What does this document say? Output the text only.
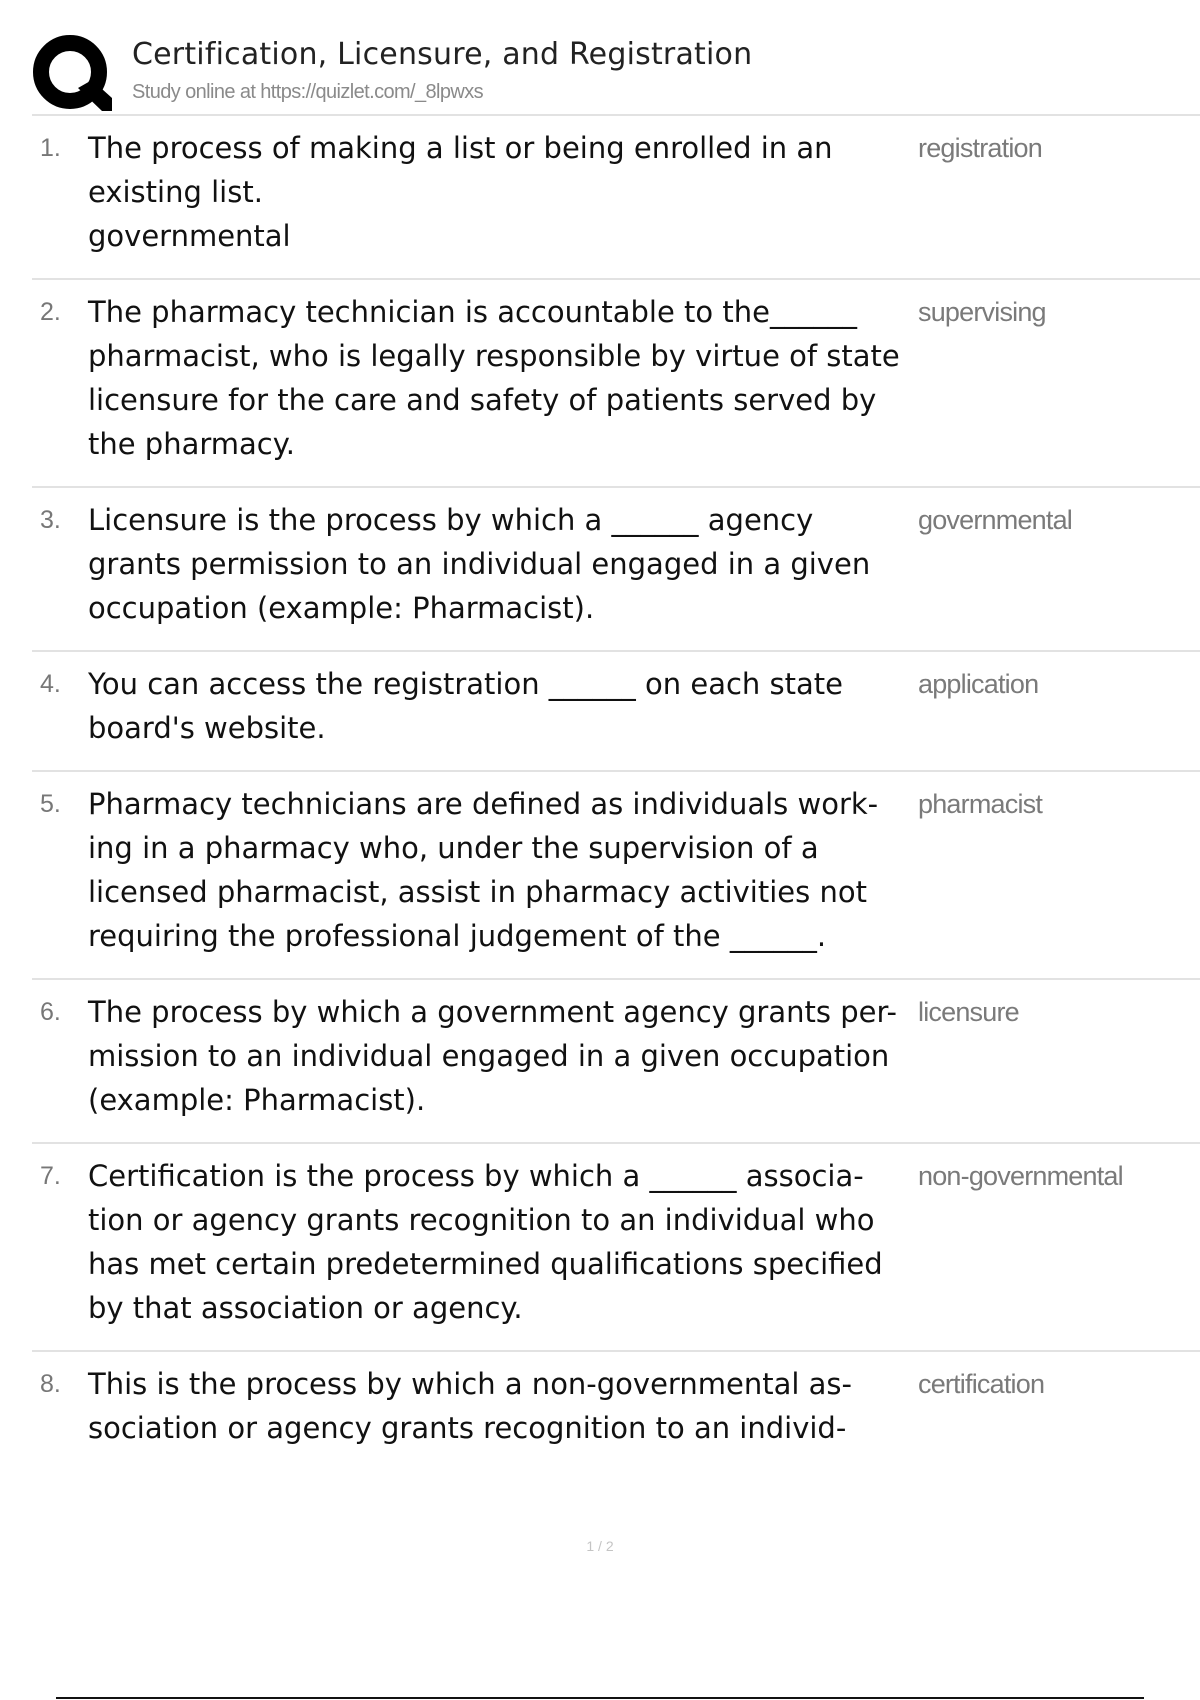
Certification, Licensure, and Registration
Study online at https://quizlet.com/_8lpwxs
1. The process of making a list or being enrolled in an
existing list.
governmental
registration
2. The pharmacy technician is accountable to the______
pharmacist, who is legally responsible by virtue of state
licensure for the care and safety of patients served by
the pharmacy.
supervising
3. Licensure is the process by which a ______ agency
grants permission to an individual engaged in a given
occupation (example: Pharmacist).
governmental
4. You can access the registration ______ on each state
board's website.
application
5. Pharmacy technicians are defined as individuals work-
ing in a pharmacy who, under the supervision of a
licensed pharmacist, assist in pharmacy activities not
requiring the professional judgement of the ______.
pharmacist
6. The process by which a government agency grants per-
mission to an individual engaged in a given occupation
(example: Pharmacist).
licensure
7. Certification is the process by which a ______ associa-
tion or agency grants recognition to an individual who
has met certain predetermined qualifications specified
by that association or agency.
non-governmental
8. This is the process by which a non-governmental as-
sociation or agency grants recognition to an individ-
certification
1 / 2
